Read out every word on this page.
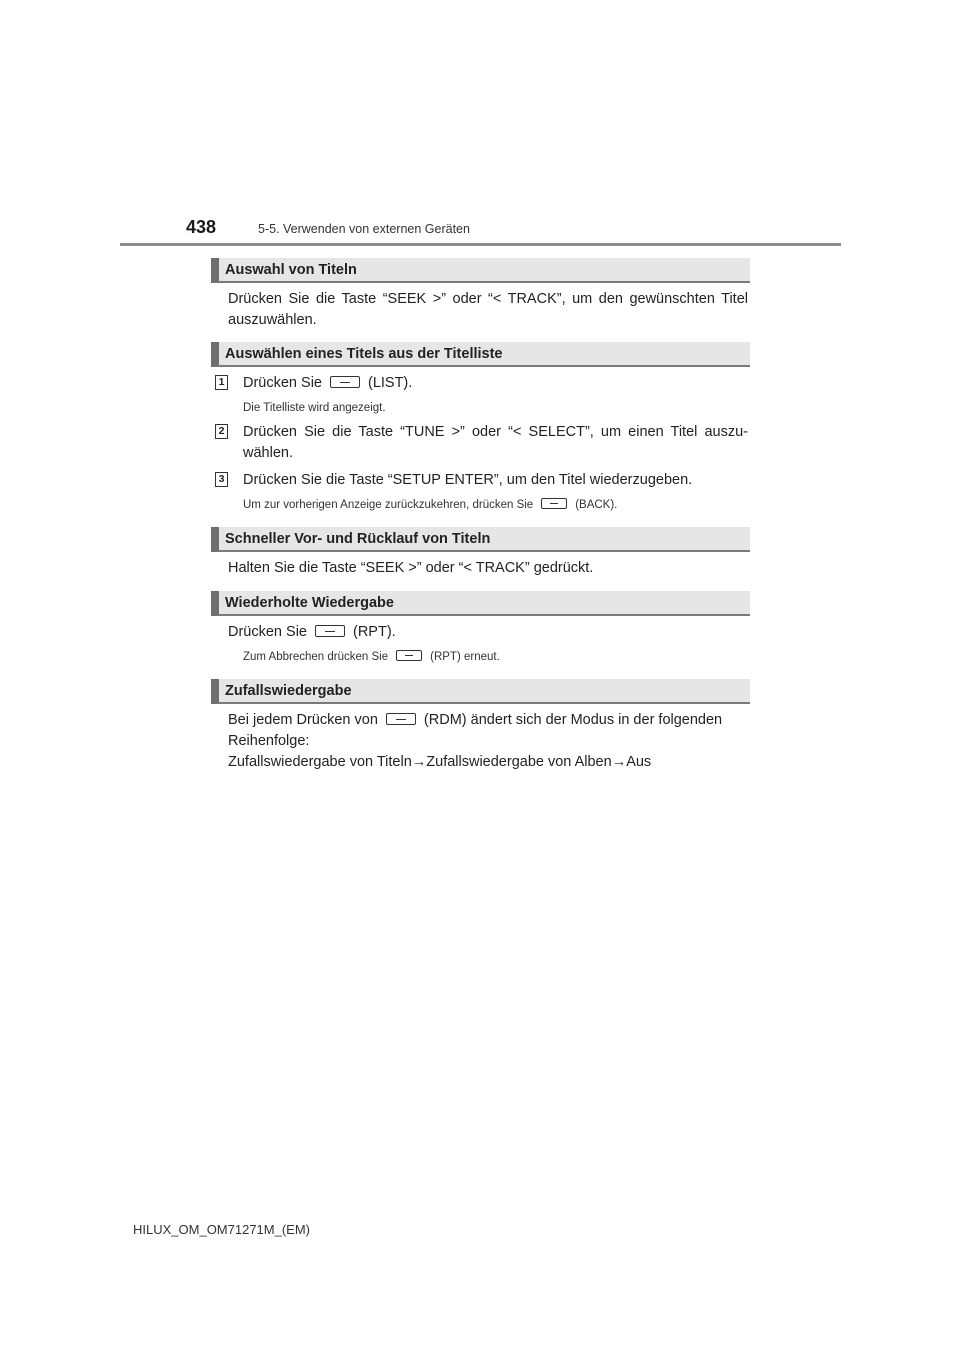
438	5-5. Verwenden von externen Geräten
Auswahl von Titeln
Drücken Sie die Taste “SEEK >” oder “< TRACK”, um den gewünschten Titel auszuwählen.
Auswählen eines Titels aus der Titelliste
1 Drücken Sie	(LIST).
Die Titelliste wird angezeigt.
2 Drücken Sie die Taste “TUNE >” oder “< SELECT”, um einen Titel auszu-wählen.
3 Drücken Sie die Taste “SETUP ENTER”, um den Titel wiederzugeben.
Um zur vorherigen Anzeige zurückzukehren, drücken Sie	(BACK).
Schneller Vor- und Rücklauf von Titeln
Halten Sie die Taste “SEEK >” oder “< TRACK” gedrückt.
Wiederholte Wiedergabe
Drücken Sie	(RPT).
Zum Abbrechen drücken Sie	(RPT) erneut.
Zufallswiedergabe
Bei jedem Drücken von	(RDM) ändert sich der Modus in der folgenden Reihenfolge:
Zufallswiedergabe von Titeln→Zufallswiedergabe von Alben→Aus
HILUX_OM_OM71271M_(EM)
